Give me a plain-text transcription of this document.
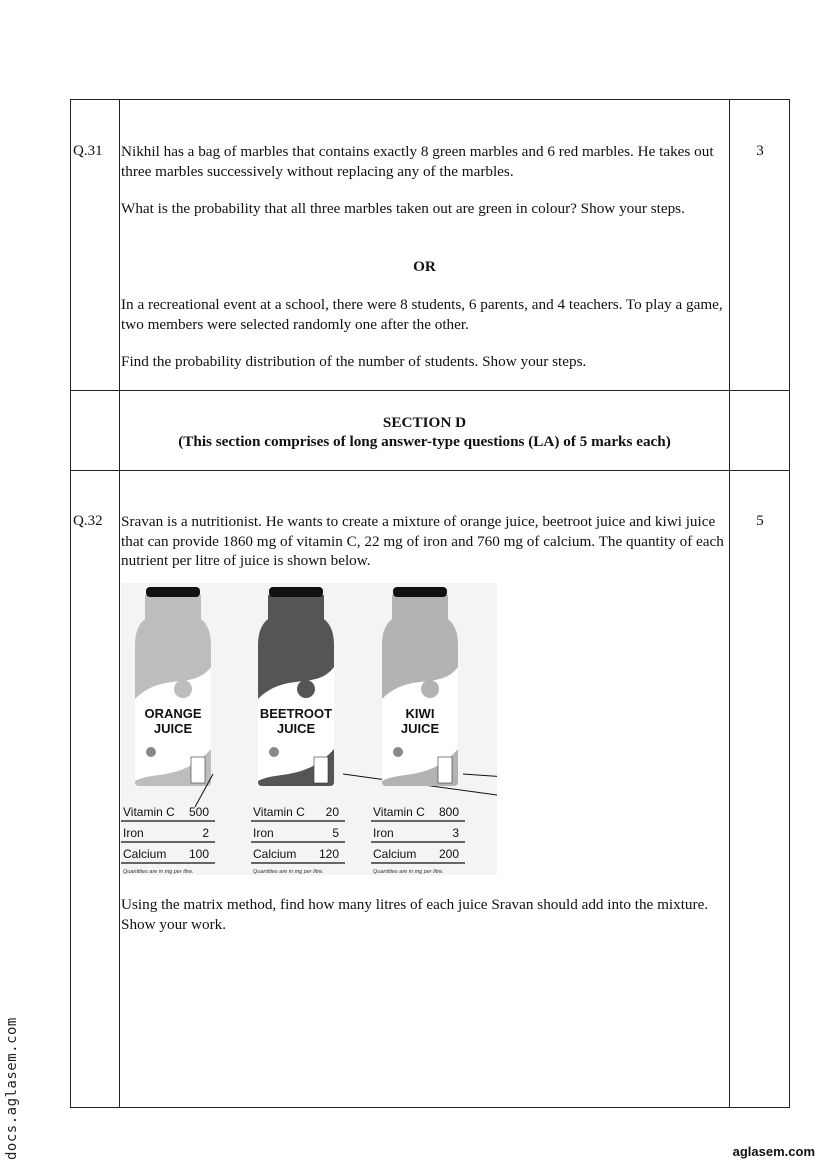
Q.31	3

Nikhil has a bag of marbles that contains exactly 8 green marbles and 6 red marbles. He takes out three marbles successively without replacing any of the marbles.

What is the probability that all three marbles taken out are green in colour? Show your steps.

OR

In a recreational event at a school, there were 8 students, 6 parents, and 4 teachers. To play a game, two members were selected randomly one after the other.

Find the probability distribution of the number of students. Show your steps.

SECTION D
(This section comprises of long answer-type questions (LA) of 5 marks each)
Q.32	5

Sravan is a nutritionist. He wants to create a mixture of orange juice, beetroot juice and kiwi juice that can provide 1860 mg of vitamin C, 22 mg of iron and 760 mg of calcium. The quantity of each nutrient per litre of juice is shown below.

ORANGE
JUICE
Vitamin C 500
Iron	2
Calcium 100
Quantities are in mg per litre.
BEETROOT
JUICE
Vitamin C 20
Iron	5
Calcium 120
Quantities are in mg per litre.
KIWI
JUICE
Vitamin C 800
Iron	3
Calcium 200
Quantities are in mg per litre.

Using the matrix method, find how many litres of each juice Sravan should add into the mixture. Show your work.

docs.aglasem.com	aglasem.com
